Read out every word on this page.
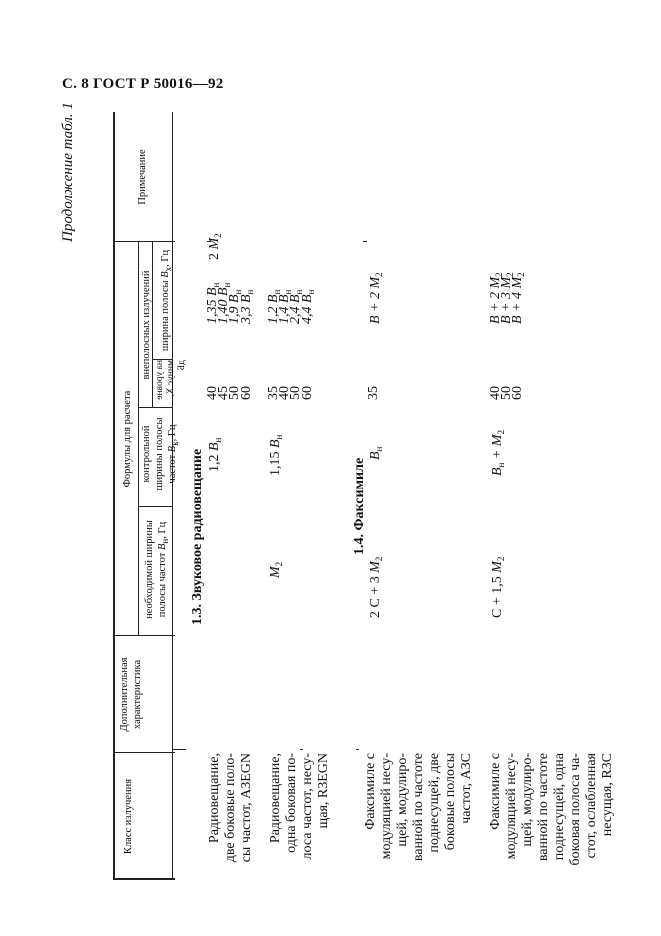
С. 8 ГОСТ Р 50016—92
Продолжение табл. 1
Класс излучения
Дополнительная характеристика
Формулы для расчета
необходимой ширины полосы частот $B_н$, Гц
контрольной ширины полосы частот $B_к$, Гц
внеполосных излучений на уровне минус X, дБ
ширина полосы $B_х$, Гц
Примечание
1.3. Звуковое радиовещание
Радиовещание, две боковые поло- сы частот, A3EGN
2 $M_2$
1,2 $B_н$
40
45
50
60
1,35 $B_н$
1,40 $B_н$
1,9 $B_н$
3,3 $B_н$
Радиовещание, одна боковая по- лоса частот, несу- щая, R3EGN
$M_2$
1,15 $B_н$
35
40
50
60
1,2 $B_н$
1,4 $B_н$
2,4 $B_н$
4,4 $B_н$
1.4. Факсимиле
Факсимиле с модуляцией несу- щей, модулиро- ванной по частоте поднесущей, две боковые полосы частот, A3C
2 C + 3 $M_2$
$B_н$
35
B + 2 $M_2$
Факсимиле с модуляцией несу- щей, модулиро- ванной по частоте поднесущей, одна боковая полоса ча- стот, ослабленная несущая, R3C
C + 1,5 $M_2$
$B_н + M_2$
40
50
60
B + 2 $M_2$
B + 3 $M_2$
B + 4 $M_2$
